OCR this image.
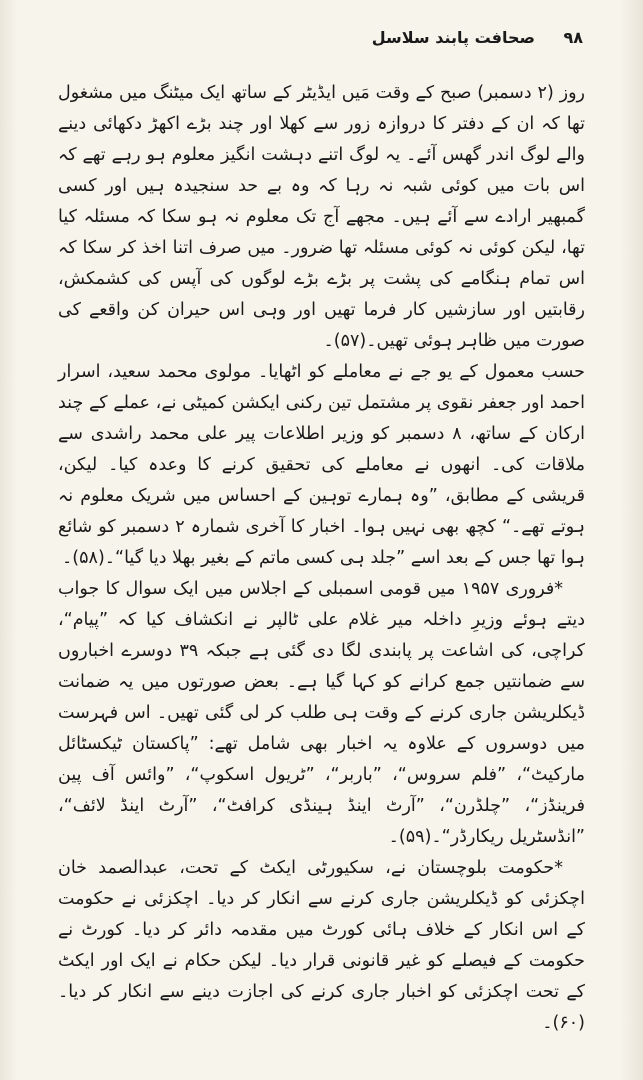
۹۸
صحافت پابند سلاسل

روز (۲ دسمبر) صبح کے وقت مَیں ایڈیٹر کے ساتھ ایک میٹنگ میں مشغول تھا کہ ان کے دفتر کا دروازہ زور سے کھلا اور چند بڑے اکھڑ دکھائی دینے والے لوگ اندر گھس آئے۔ یہ لوگ اتنے دہشت انگیز معلوم ہو رہے تھے کہ اس بات میں کوئی شبہ نہ رہا کہ وہ بے حد سنجیدہ ہیں اور کسی گمبھیر ارادے سے آئے ہیں۔ مجھے آج تک معلوم نہ ہو سکا کہ مسئلہ کیا تھا، لیکن کوئی نہ کوئی مسئلہ تھا ضرور۔ میں صرف اتنا اخذ کر سکا کہ اس تمام ہنگامے کی پشت پر بڑے بڑے لوگوں کی آپس کی کشمکش، رقابتیں اور سازشیں کار فرما تھیں اور وہی اس حیران کن واقعے کی صورت میں ظاہر ہوئی تھیں۔(۵۷)۔

حسب معمول کے یو جے نے معاملے کو اٹھایا۔ مولوی محمد سعید، اسرار احمد اور جعفر نقوی پر مشتمل تین رکنی ایکشن کمیٹی نے، عملے کے چند ارکان کے ساتھ، ۸ دسمبر کو وزیر اطلاعات پیر علی محمد راشدی سے ملاقات کی۔ انھوں نے معاملے کی تحقیق کرنے کا وعدہ کیا۔ لیکن، قریشی کے مطابق، ”وہ ہمارے توہین کے احساس میں شریک معلوم نہ ہوتے تھے۔“ کچھ بھی نہیں ہوا۔ اخبار کا آخری شمارہ ۲ دسمبر کو شائع ہوا تھا جس کے بعد اسے ”جلد ہی کسی ماتم کے بغیر بھلا دیا گیا“۔(۵۸)۔

*فروری ۱۹۵۷ میں قومی اسمبلی کے اجلاس میں ایک سوال کا جواب دیتے ہوئے وزیرِ داخلہ میر غلام علی ٹالپر نے انکشاف کیا کہ ”پیام“، کراچی، کی اشاعت پر پابندی لگا دی گئی ہے جبکہ ۳۹ دوسرے اخباروں سے ضمانتیں جمع کرانے کو کہا گیا ہے۔ بعض صورتوں میں یہ ضمانت ڈیکلریشن جاری کرنے کے وقت ہی طلب کر لی گئی تھیں۔ اس فہرست میں دوسروں کے علاوہ یہ اخبار بھی شامل تھے: ”پاکستان ٹیکسٹائل مارکیٹ“، ”فلم سروس“، ”باربر“، ”ٹریول اسکوپ“، ”وائس آف پین فرینڈز“، ”چلڈرن“، ”آرٹ اینڈ ہینڈی کرافٹ“، ”آرٹ اینڈ لائف“، ”انڈسٹریل ریکارڈر“۔(۵۹)۔

*حکومت بلوچستان نے، سکیورٹی ایکٹ کے تحت، عبدالصمد خان اچکزئی کو ڈیکلریشن جاری کرنے سے انکار کر دیا۔ اچکزئی نے حکومت کے اس انکار کے خلاف ہائی کورٹ میں مقدمہ دائر کر دیا۔ کورٹ نے حکومت کے فیصلے کو غیر قانونی قرار دیا۔ لیکن حکام نے ایک اور ایکٹ کے تحت اچکزئی کو اخبار جاری کرنے کی اجازت دینے سے انکار کر دیا۔(۶۰)۔
